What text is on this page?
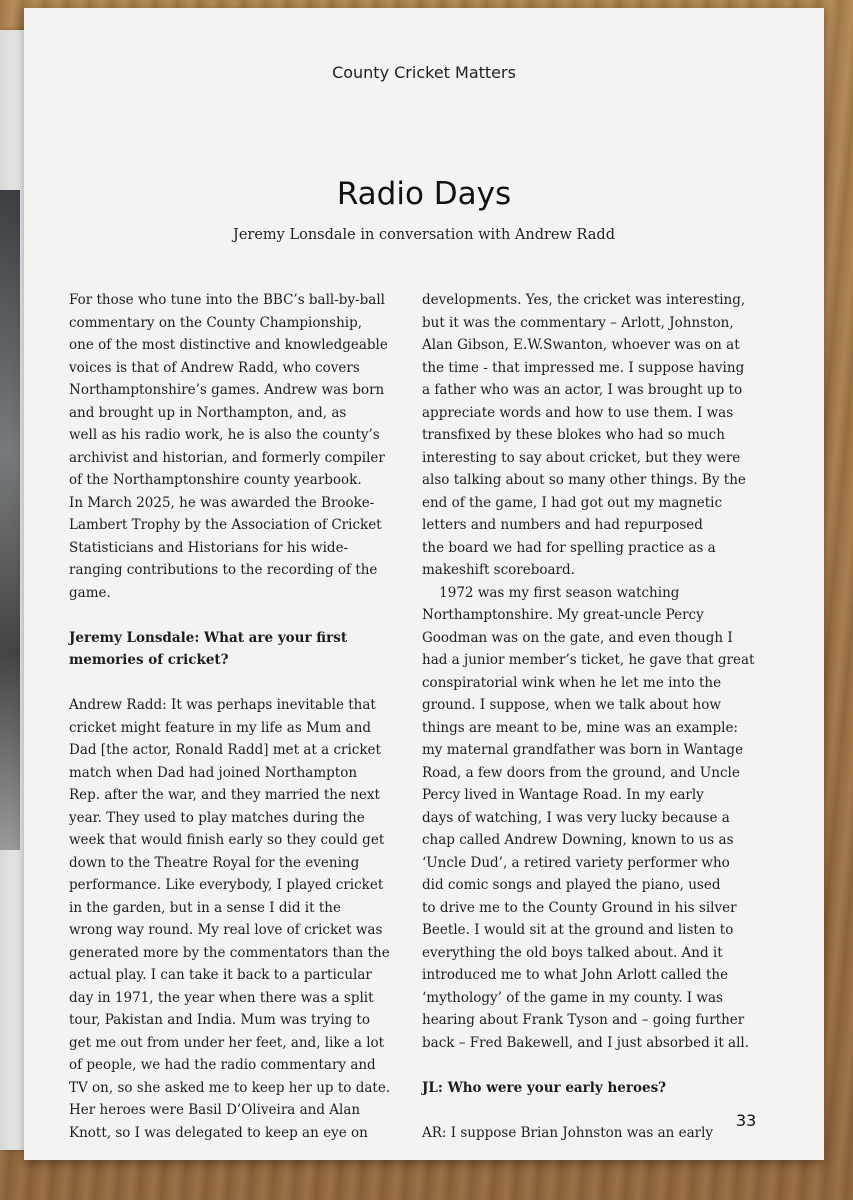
County Cricket Matters

Radio Days

Jeremy Lonsdale in conversation with Andrew Radd

For those who tune into the BBC’s ball-by-ball
commentary on the County Championship,
one of the most distinctive and knowledgeable
voices is that of Andrew Radd, who covers
Northamptonshire’s games. Andrew was born
and brought up in Northampton, and, as
well as his radio work, he is also the county’s
archivist and historian, and formerly compiler
of the Northamptonshire county yearbook.
In March 2025, he was awarded the Brooke-
Lambert Trophy by the Association of Cricket
Statisticians and Historians for his wide-
ranging contributions to the recording of the
game.

Jeremy Lonsdale: What are your first
memories of cricket?

Andrew Radd: It was perhaps inevitable that
cricket might feature in my life as Mum and
Dad [the actor, Ronald Radd] met at a cricket
match when Dad had joined Northampton
Rep. after the war, and they married the next
year. They used to play matches during the
week that would finish early so they could get
down to the Theatre Royal for the evening
performance. Like everybody, I played cricket
in the garden, but in a sense I did it the
wrong way round. My real love of cricket was
generated more by the commentators than the
actual play. I can take it back to a particular
day in 1971, the year when there was a split
tour, Pakistan and India. Mum was trying to
get me out from under her feet, and, like a lot
of people, we had the radio commentary and
TV on, so she asked me to keep her up to date.
Her heroes were Basil D’Oliveira and Alan
Knott, so I was delegated to keep an eye on

developments. Yes, the cricket was interesting,
but it was the commentary – Arlott, Johnston,
Alan Gibson, E.W.Swanton, whoever was on at
the time - that impressed me. I suppose having
a father who was an actor, I was brought up to
appreciate words and how to use them. I was
transfixed by these blokes who had so much
interesting to say about cricket, but they were
also talking about so many other things. By the
end of the game, I had got out my magnetic
letters and numbers and had repurposed
the board we had for spelling practice as a
makeshift scoreboard.
1972 was my first season watching
Northamptonshire. My great-uncle Percy
Goodman was on the gate, and even though I
had a junior member’s ticket, he gave that great
conspiratorial wink when he let me into the
ground. I suppose, when we talk about how
things are meant to be, mine was an example:
my maternal grandfather was born in Wantage
Road, a few doors from the ground, and Uncle
Percy lived in Wantage Road. In my early
days of watching, I was very lucky because a
chap called Andrew Downing, known to us as
‘Uncle Dud’, a retired variety performer who
did comic songs and played the piano, used
to drive me to the County Ground in his silver
Beetle. I would sit at the ground and listen to
everything the old boys talked about. And it
introduced me to what John Arlott called the
‘mythology’ of the game in my county. I was
hearing about Frank Tyson and – going further
back – Fred Bakewell, and I just absorbed it all.

JL: Who were your early heroes?

AR: I suppose Brian Johnston was an early

33
